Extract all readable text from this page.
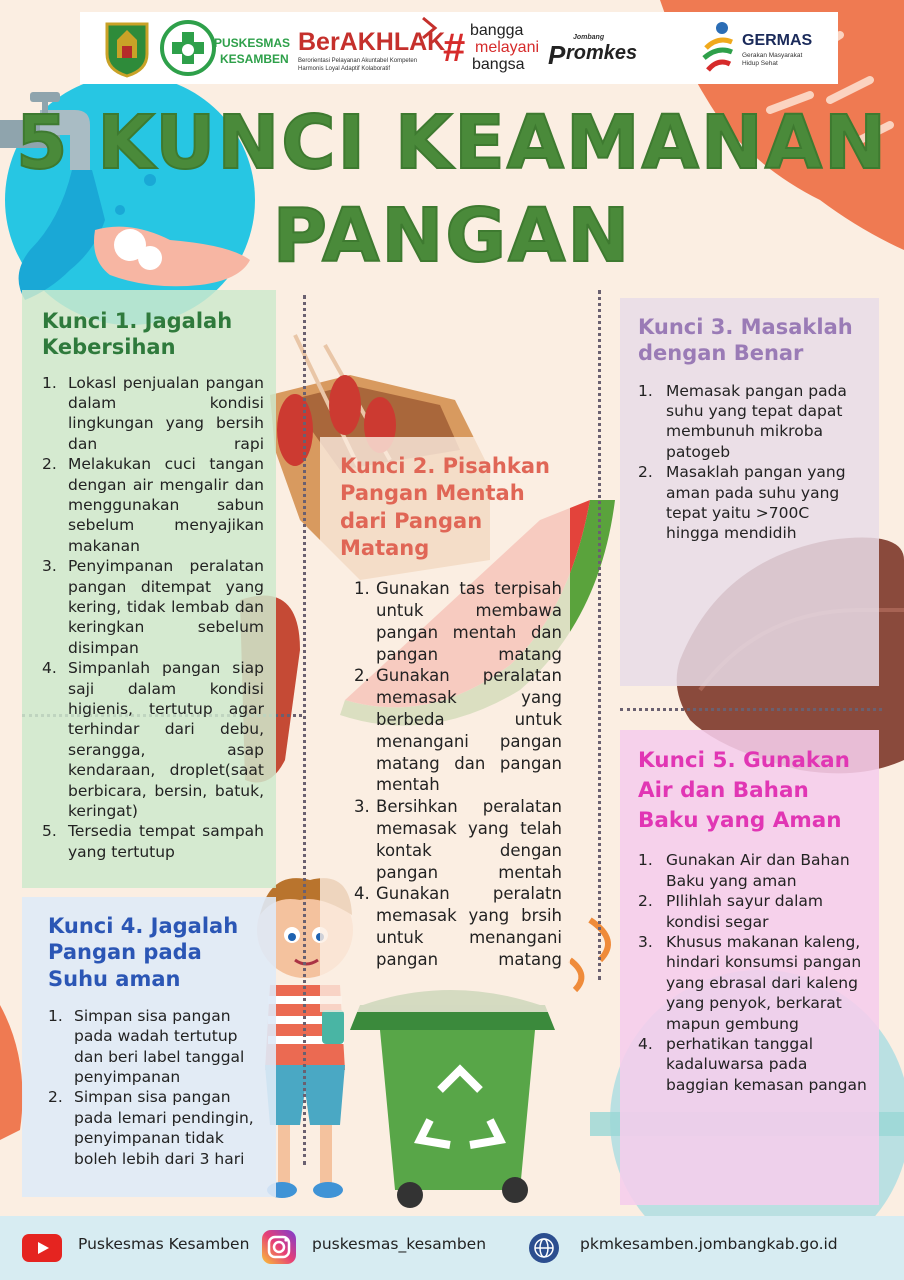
PUSKESMAS
KESAMBEN
BerAKHLAK
Berorientasi Pelayanan Akuntabel Kompeten
Harmonis Loyal Adaptif Kolaboratif # bangga
melayani
bangsa
Jombang
P romkes
GERMAS
Gerakan Masyarakat
Hidup Sehat
5 KUNCI KEAMANAN
PANGAN
Kunci 1. Jagalah Kebersihan
1. Lokasl penjualan pangan dalam kondisi lingkungan yang bersih dan rapi
2. Melakukan cuci tangan dengan air mengalir dan menggunakan sabun sebelum menyajikan makanan
3. Penyimpanan peralatan pangan ditempat yang kering, tidak lembab dan keringkan sebelum disimpan
4. Simpanlah pangan siap saji dalam kondisi higienis, tertutup agar terhindar dari debu, serangga, asap kendaraan, droplet(saat berbicara, bersin, batuk, keringat)
5. Tersedia tempat sampah yang tertutup
Kunci 2. Pisahkan Pangan Mentah dari Pangan Matang
1. Gunakan tas terpisah untuk membawa pangan mentah dan pangan matang
2. Gunakan peralatan memasak yang berbeda untuk menangani pangan matang dan pangan mentah
3. Bersihkan peralatan memasak yang telah kontak dengan pangan mentah
4. Gunakan peralatn memasak yang brsih untuk menangani pangan matang
Kunci 3. Masaklah dengan Benar
1. Memasak pangan pada suhu yang tepat dapat membunuh mikroba patogeb
2. Masaklah pangan yang aman pada suhu yang tepat yaitu >700C hingga mendidih
Kunci 4. Jagalah Pangan pada Suhu aman
1. Simpan sisa pangan pada wadah tertutup dan beri label tanggal penyimpanan
2. Simpan sisa pangan pada lemari pendingin, penyimpanan tidak boleh lebih dari 3 hari
Kunci 5. Gunakan Air dan Bahan Baku yang Aman
1. Gunakan Air dan Bahan Baku yang aman
2. PIlihlah sayur dalam kondisi segar
3. Khusus makanan kaleng, hindari konsumsi pangan yang ebrasal dari kaleng yang penyok, berkarat mapun gembung
4. perhatikan tanggal kadaluwarsa pada baggian kemasan pangan
Puskesmas Kesamben	puskesmas_kesamben	pkmkesamben.jombangkab.go.id
